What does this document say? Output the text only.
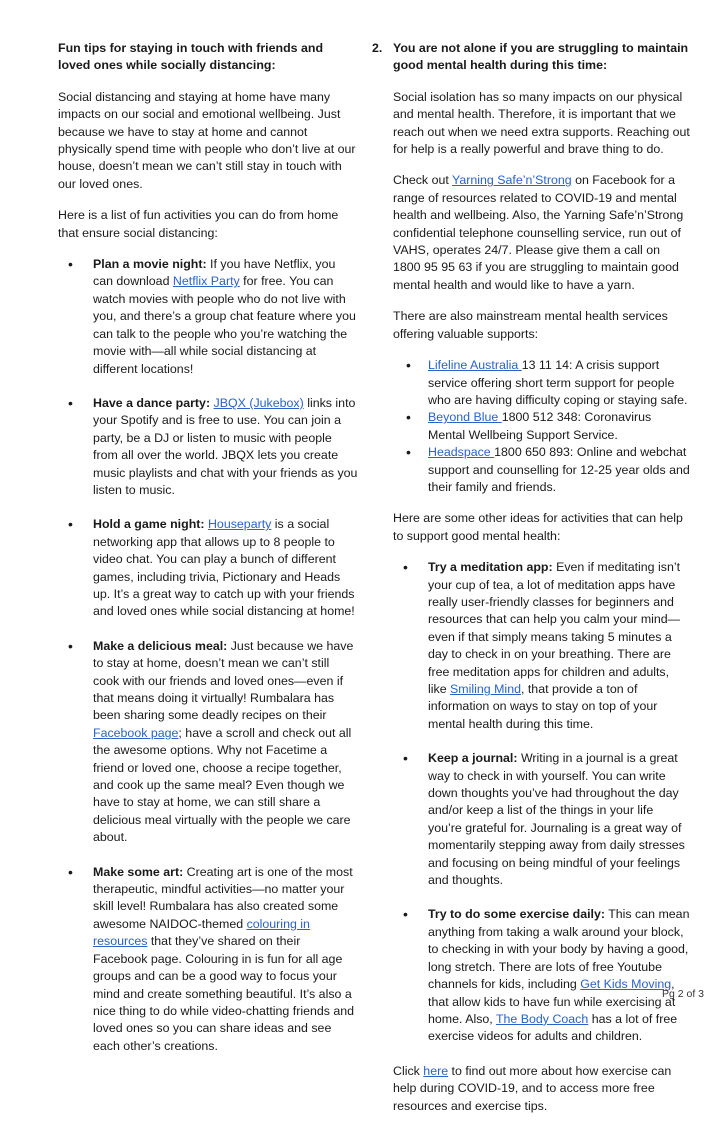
Fun tips for staying in touch with friends and loved ones while socially distancing:

Social distancing and staying at home have many impacts on our social and emotional wellbeing. Just because we have to stay at home and cannot physically spend time with people who don’t live at our house, doesn’t mean we can’t still stay in touch with our loved ones.

Here is a list of fun activities you can do from home that ensure social distancing:

• Plan a movie night: If you have Netflix, you can download Netflix Party for free. You can watch movies with people who do not live with you, and there’s a group chat feature where you can talk to the people who you’re watching the movie with—all while social distancing at different locations!
• Have a dance party: JBQX (Jukebox) links into your Spotify and is free to use. You can join a party, be a DJ or listen to music with people from all over the world. JBQX lets you create music playlists and chat with your friends as you listen to music.
• Hold a game night: Houseparty is a social networking app that allows up to 8 people to video chat. You can play a bunch of different games, including trivia, Pictionary and Heads up. It’s a great way to catch up with your friends and loved ones while social distancing at home!
• Make a delicious meal: Just because we have to stay at home, doesn’t mean we can’t still cook with our friends and loved ones—even if that means doing it virtually! Rumbalara has been sharing some deadly recipes on their Facebook page; have a scroll and check out all the awesome options. Why not Facetime a friend or loved one, choose a recipe together, and cook up the same meal? Even though we have to stay at home, we can still share a delicious meal virtually with the people we care about.
• Make some art: Creating art is one of the most therapeutic, mindful activities—no matter your skill level! Rumbalara has also created some awesome NAIDOC-themed colouring in resources that they’ve shared on their Facebook page. Colouring in is fun for all age groups and can be a good way to focus your mind and create something beautiful. It’s also a nice thing to do while video-chatting friends and loved ones so you can share ideas and see each other’s creations.
2. You are not alone if you are struggling to maintain good mental health during this time:

Social isolation has so many impacts on our physical and mental health. Therefore, it is important that we reach out when we need extra supports. Reaching out for help is a really powerful and brave thing to do.

Check out Yarning Safe’n’Strong on Facebook for a range of resources related to COVID-19 and mental health and wellbeing. Also, the Yarning Safe’n’Strong confidential telephone counselling service, run out of VAHS, operates 24/7. Please give them a call on 1800 95 95 63 if you are struggling to maintain good mental health and would like to have a yarn.

There are also mainstream mental health services offering valuable supports:

• Lifeline Australia 13 11 14: A crisis support service offering short term support for people who are having difficulty coping or staying safe.
• Beyond Blue 1800 512 348: Coronavirus Mental Wellbeing Support Service.
• Headspace 1800 650 893: Online and webchat support and counselling for 12-25 year olds and their family and friends.

Here are some other ideas for activities that can help to support good mental health:

• Try a meditation app: Even if meditating isn’t your cup of tea, a lot of meditation apps have really user-friendly classes for beginners and resources that can help you calm your mind—even if that simply means taking 5 minutes a day to check in on your breathing. There are free meditation apps for children and adults, like Smiling Mind, that provide a ton of information on ways to stay on top of your mental health during this time.
• Keep a journal: Writing in a journal is a great way to check in with yourself. You can write down thoughts you’ve had throughout the day and/or keep a list of the things in your life you’re grateful for. Journaling is a great way of momentarily stepping away from daily stresses and focusing on being mindful of your feelings and thoughts.
• Try to do some exercise daily: This can mean anything from taking a walk around your block, to checking in with your body by having a good, long stretch. There are lots of free Youtube channels for kids, including Get Kids Moving, that allow kids to have fun while exercising at home. Also, The Body Coach has a lot of free exercise videos for adults and children.

Click here to find out more about how exercise can help during COVID-19, and to access more free resources and exercise tips.

Pg 2 of 3
